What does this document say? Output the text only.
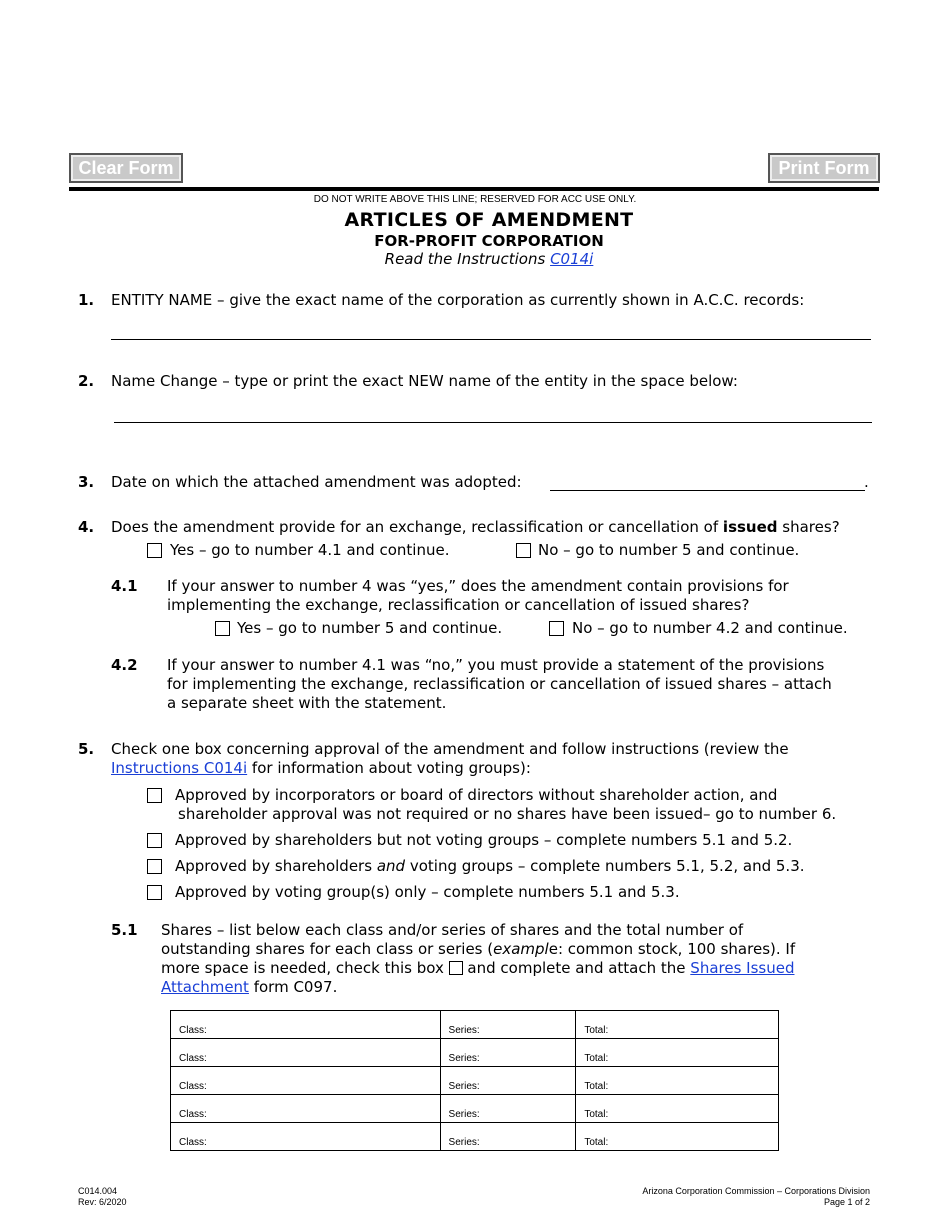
Clear Form	Print Form
DO NOT WRITE ABOVE THIS LINE; RESERVED FOR ACC USE ONLY.
ARTICLES OF AMENDMENT
FOR-PROFIT CORPORATION
Read the Instructions C014i
1. ENTITY NAME – give the exact name of the corporation as currently shown in A.C.C. records:
2. Name Change – type or print the exact NEW name of the entity in the space below:
3. Date on which the attached amendment was adopted:	.
4. Does the amendment provide for an exchange, reclassification or cancellation of issued shares?
Yes – go to number 4.1 and continue.	No – go to number 5 and continue.
4.1 If your answer to number 4 was “yes,” does the amendment contain provisions for
implementing the exchange, reclassification or cancellation of issued shares?
Yes – go to number 5 and continue.	No – go to number 4.2 and continue.
4.2 If your answer to number 4.1 was “no,” you must provide a statement of the provisions
for implementing the exchange, reclassification or cancellation of issued shares – attach
a separate sheet with the statement.
5. Check one box concerning approval of the amendment and follow instructions (review the
Instructions C014i for information about voting groups):
Approved by incorporators or board of directors without shareholder action, and
shareholder approval was not required or no shares have been issued– go to number 6.
Approved by shareholders but not voting groups – complete numbers 5.1 and 5.2.
Approved by shareholders and voting groups – complete numbers 5.1, 5.2, and 5.3.
Approved by voting group(s) only – complete numbers 5.1 and 5.3.
5.1 Shares – list below each class and/or series of shares and the total number of
outstanding shares for each class or series (example: common stock, 100 shares). If
more space is needed, check this box and complete and attach the Shares Issued
Attachment form C097.
Class:	Series:	Total:
Class:	Series:	Total:
Class:	Series:	Total:
Class:	Series:	Total:
Class:	Series:	Total:
C014.004
Rev: 6/2020
Arizona Corporation Commission – Corporations Division
Page 1 of 2
